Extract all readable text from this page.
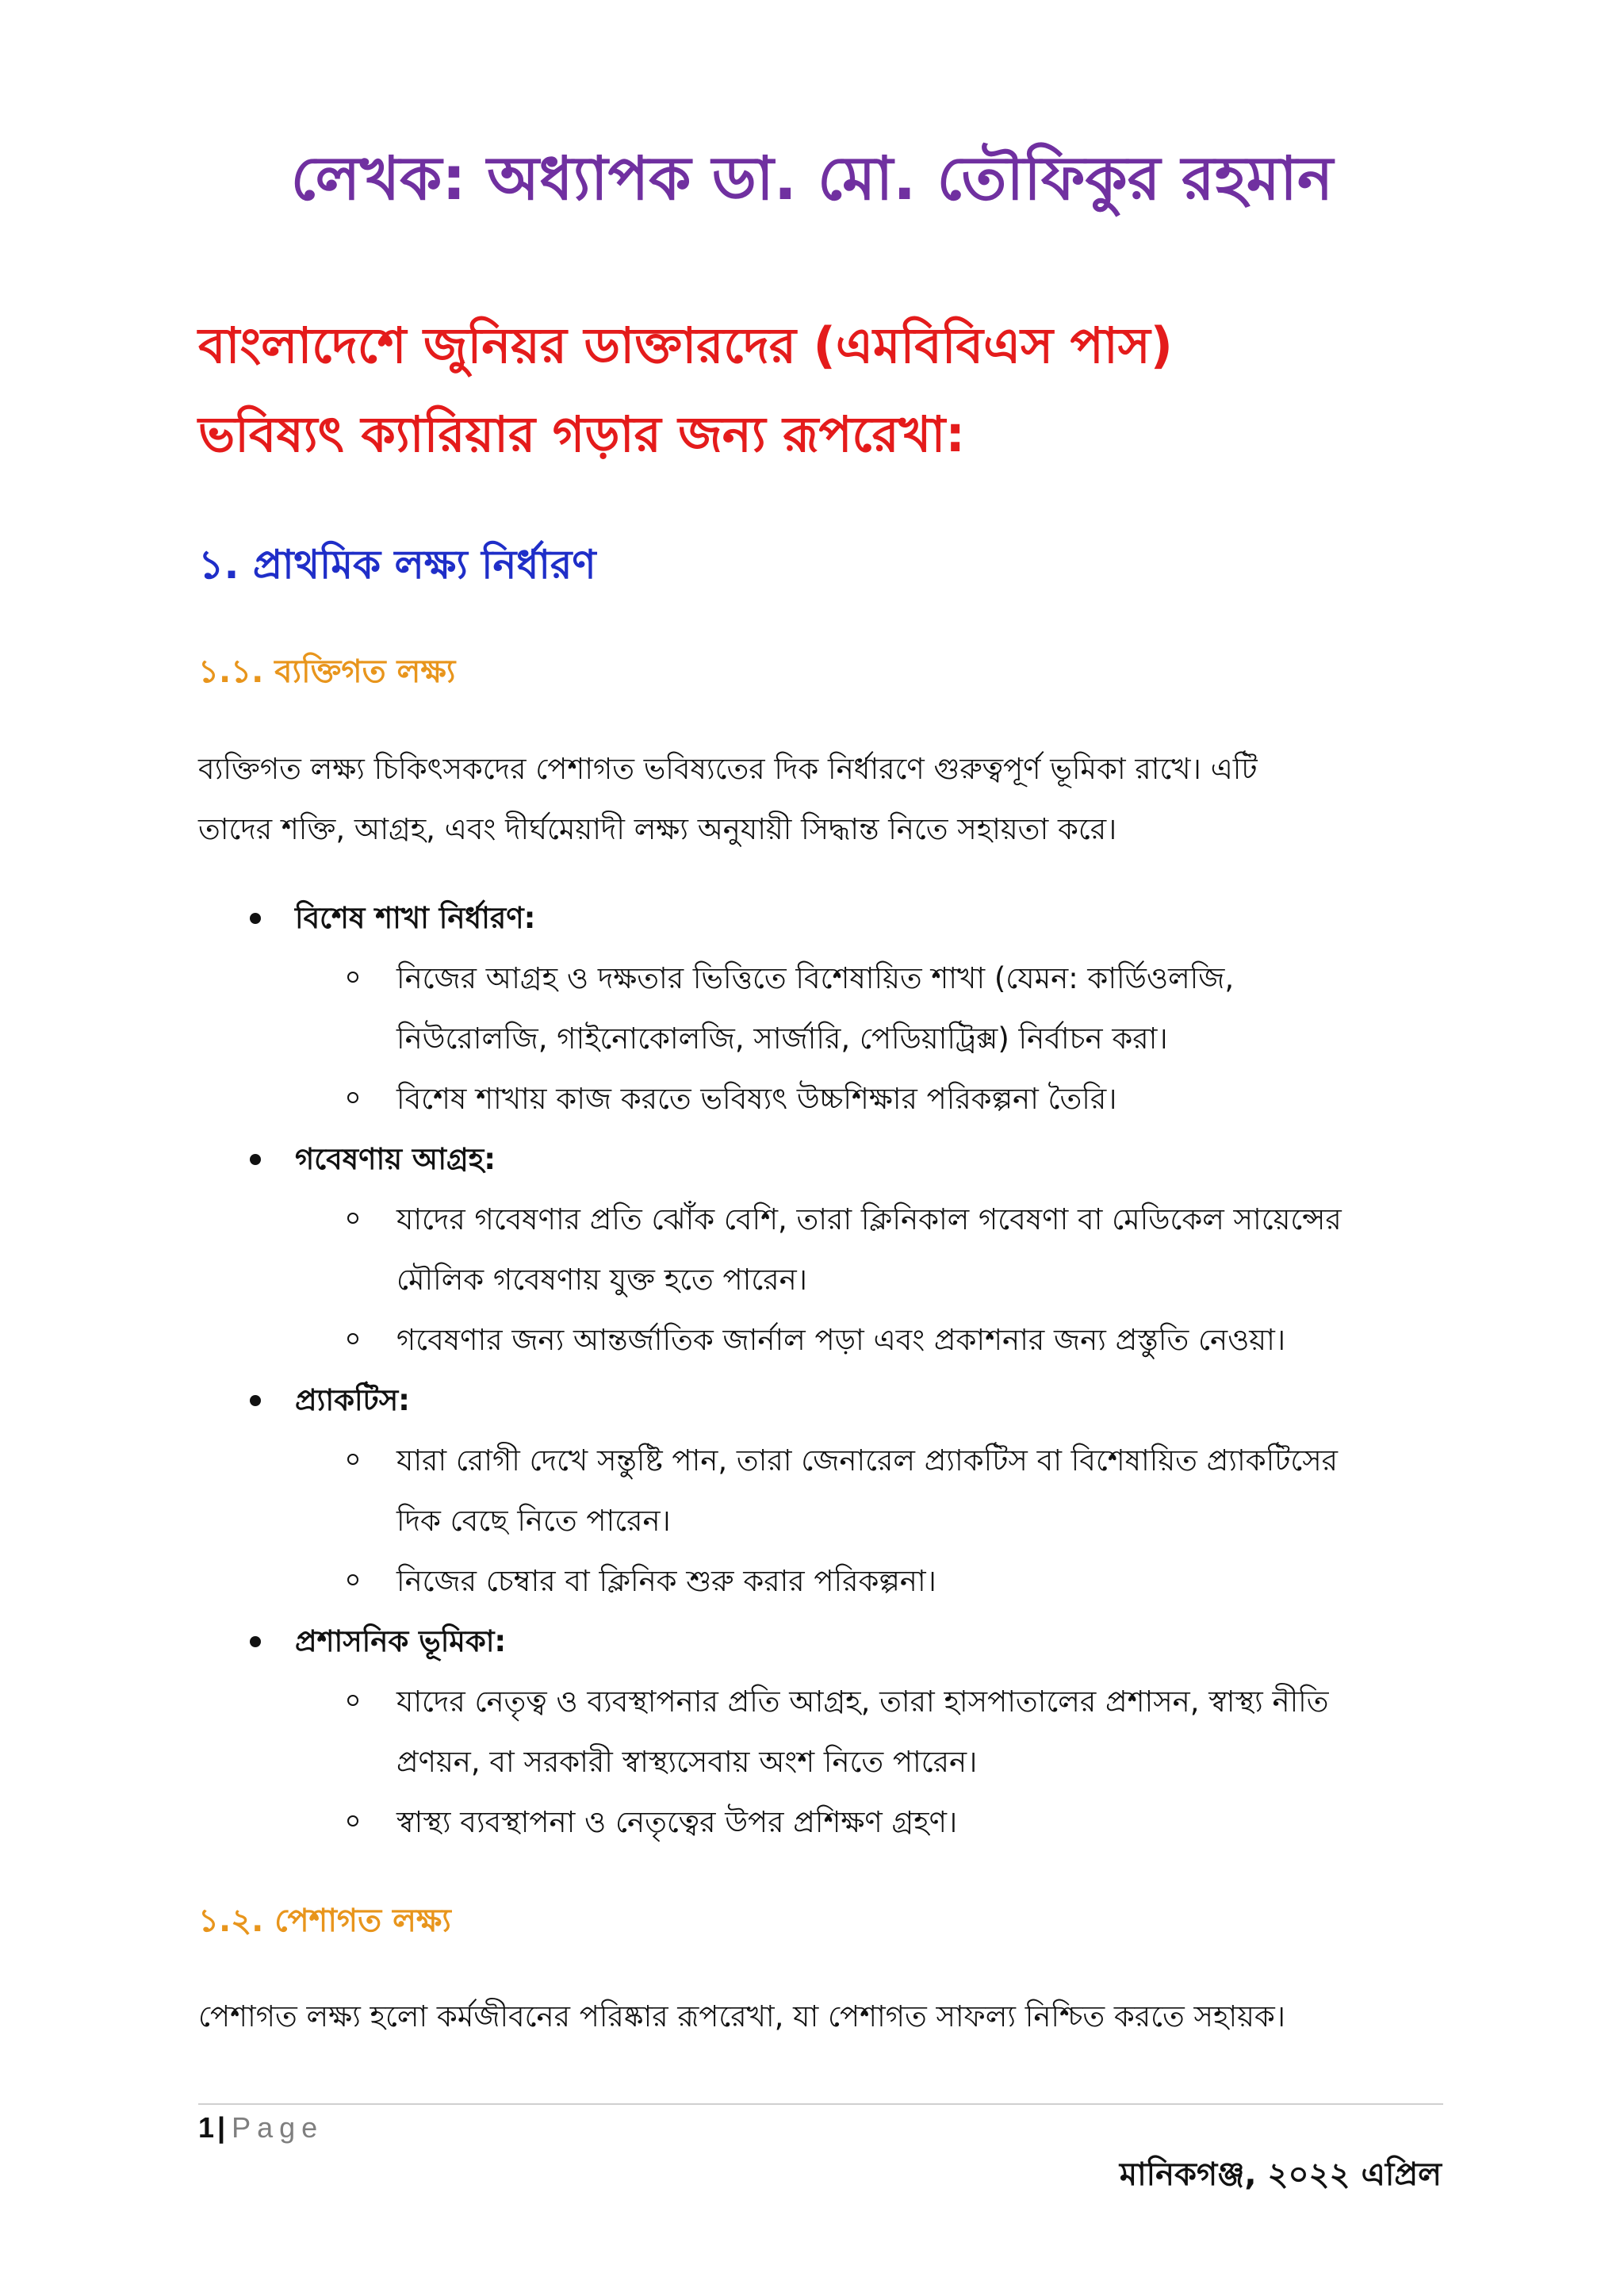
লেখক: অধ্যাপক ডা. মো. তৌফিকুর রহমান
বাংলাদেশে জুনিয়র ডাক্তারদের (এমবিবিএস পাস)
ভবিষ্যৎ ক্যারিয়ার গড়ার জন্য রূপরেখা:
১. প্রাথমিক লক্ষ্য নির্ধারণ
১.১. ব্যক্তিগত লক্ষ্য
ব্যক্তিগত লক্ষ্য চিকিৎসকদের পেশাগত ভবিষ্যতের দিক নির্ধারণে গুরুত্বপূর্ণ ভূমিকা রাখে। এটি
তাদের শক্তি, আগ্রহ, এবং দীর্ঘমেয়াদী লক্ষ্য অনুযায়ী সিদ্ধান্ত নিতে সহায়তা করে।
বিশেষ শাখা নির্ধারণ:
নিজের আগ্রহ ও দক্ষতার ভিত্তিতে বিশেষায়িত শাখা (যেমন: কার্ডিওলজি,
নিউরোলজি, গাইনোকোলজি, সার্জারি, পেডিয়াট্রিক্স) নির্বাচন করা।
বিশেষ শাখায় কাজ করতে ভবিষ্যৎ উচ্চশিক্ষার পরিকল্পনা তৈরি।
গবেষণায় আগ্রহ:
যাদের গবেষণার প্রতি ঝোঁক বেশি, তারা ক্লিনিকাল গবেষণা বা মেডিকেল সায়েন্সের
মৌলিক গবেষণায় যুক্ত হতে পারেন।
গবেষণার জন্য আন্তর্জাতিক জার্নাল পড়া এবং প্রকাশনার জন্য প্রস্তুতি নেওয়া।
প্র্যাকটিস:
যারা রোগী দেখে সন্তুষ্টি পান, তারা জেনারেল প্র্যাকটিস বা বিশেষায়িত প্র্যাকটিসের
দিক বেছে নিতে পারেন।
নিজের চেম্বার বা ক্লিনিক শুরু করার পরিকল্পনা।
প্রশাসনিক ভূমিকা:
যাদের নেতৃত্ব ও ব্যবস্থাপনার প্রতি আগ্রহ, তারা হাসপাতালের প্রশাসন, স্বাস্থ্য নীতি
প্রণয়ন, বা সরকারী স্বাস্থ্যসেবায় অংশ নিতে পারেন।
স্বাস্থ্য ব্যবস্থাপনা ও নেতৃত্বের উপর প্রশিক্ষণ গ্রহণ।
১.২. পেশাগত লক্ষ্য
পেশাগত লক্ষ্য হলো কর্মজীবনের পরিষ্কার রূপরেখা, যা পেশাগত সাফল্য নিশ্চিত করতে সহায়ক।
1 | Page
মানিকগঞ্জ, ২০২২ এপ্রিল
